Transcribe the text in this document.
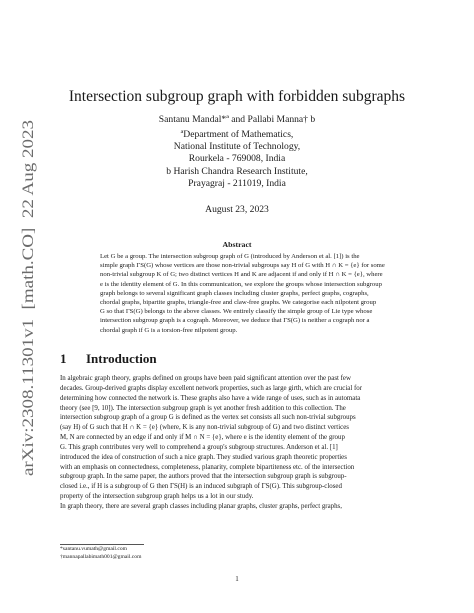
arXiv:2308.11301v1  [math.CO]  22 Aug 2023
Intersection subgroup graph with forbidden subgraphs
Santanu Mandal*ª and Pallabi Manna† b
ªDepartment of Mathematics,
National Institute of Technology,
Rourkela - 769008, India
b Harish Chandra Research Institute,
Prayagraj - 211019, India
August 23, 2023
Abstract
Let G be a group. The intersection subgroup graph of G (introduced by Anderson et al. [1]) is the
simple graph ΓS(G) whose vertices are those non-trivial subgroups say H of G with H ∩ K = {e} for some
non-trivial subgroup K of G; two distinct vertices H and K are adjacent if and only if H ∩ K = {e}, where
e is the identity element of G. In this communication, we explore the groups whose intersection subgroup
graph belongs to several significant graph classes including cluster graphs, perfect graphs, cographs,
chordal graphs, bipartite graphs, triangle-free and claw-free graphs. We categorise each nilpotent group
G so that ΓS(G) belongs to the above classes. We entirely classify the simple group of Lie type whose
intersection subgroup graph is a cograph. Moreover, we deduce that ΓS(G) is neither a cograph nor a
chordal graph if G is a torsion-free nilpotent group.
1 Introduction
In algebraic graph theory, graphs defined on groups have been paid significant attention over the past few
decades. Group-derived graphs display excellent network properties, such as large girth, which are crucial for
determining how connected the network is. These graphs also have a wide range of uses, such as in automata
theory (see [9, 10]). The intersection subgroup graph is yet another fresh addition to this collection. The
intersection subgroup graph of a group G is defined as the vertex set consists all such non-trivial subgroups
(say H) of G such that H ∩ K = {e} (where, K is any non-trivial subgroup of G) and two distinct vertices
M, N are connected by an edge if and only if M ∩ N = {e}, where e is the identity element of the group
G. This graph contributes very well to comprehend a group's subgroup structures. Anderson et al. [1]
introduced the idea of construction of such a nice graph. They studied various graph theoretic properties
with an emphasis on connectedness, completeness, planarity, complete bipartiteness etc. of the intersection
subgroup graph. In the same paper, the authors proved that the intersection subgroup graph is subgroup-
closed i.e., if H is a subgroup of G then ΓS(H) is an induced subgraph of ΓS(G). This subgroup-closed
property of the intersection subgroup graph helps us a lot in our study.
In graph theory, there are several graph classes including planar graphs, cluster graphs, perfect graphs,
*santanu.vumath@gmail.com
†mannapallabimath001@gmail.com
1
